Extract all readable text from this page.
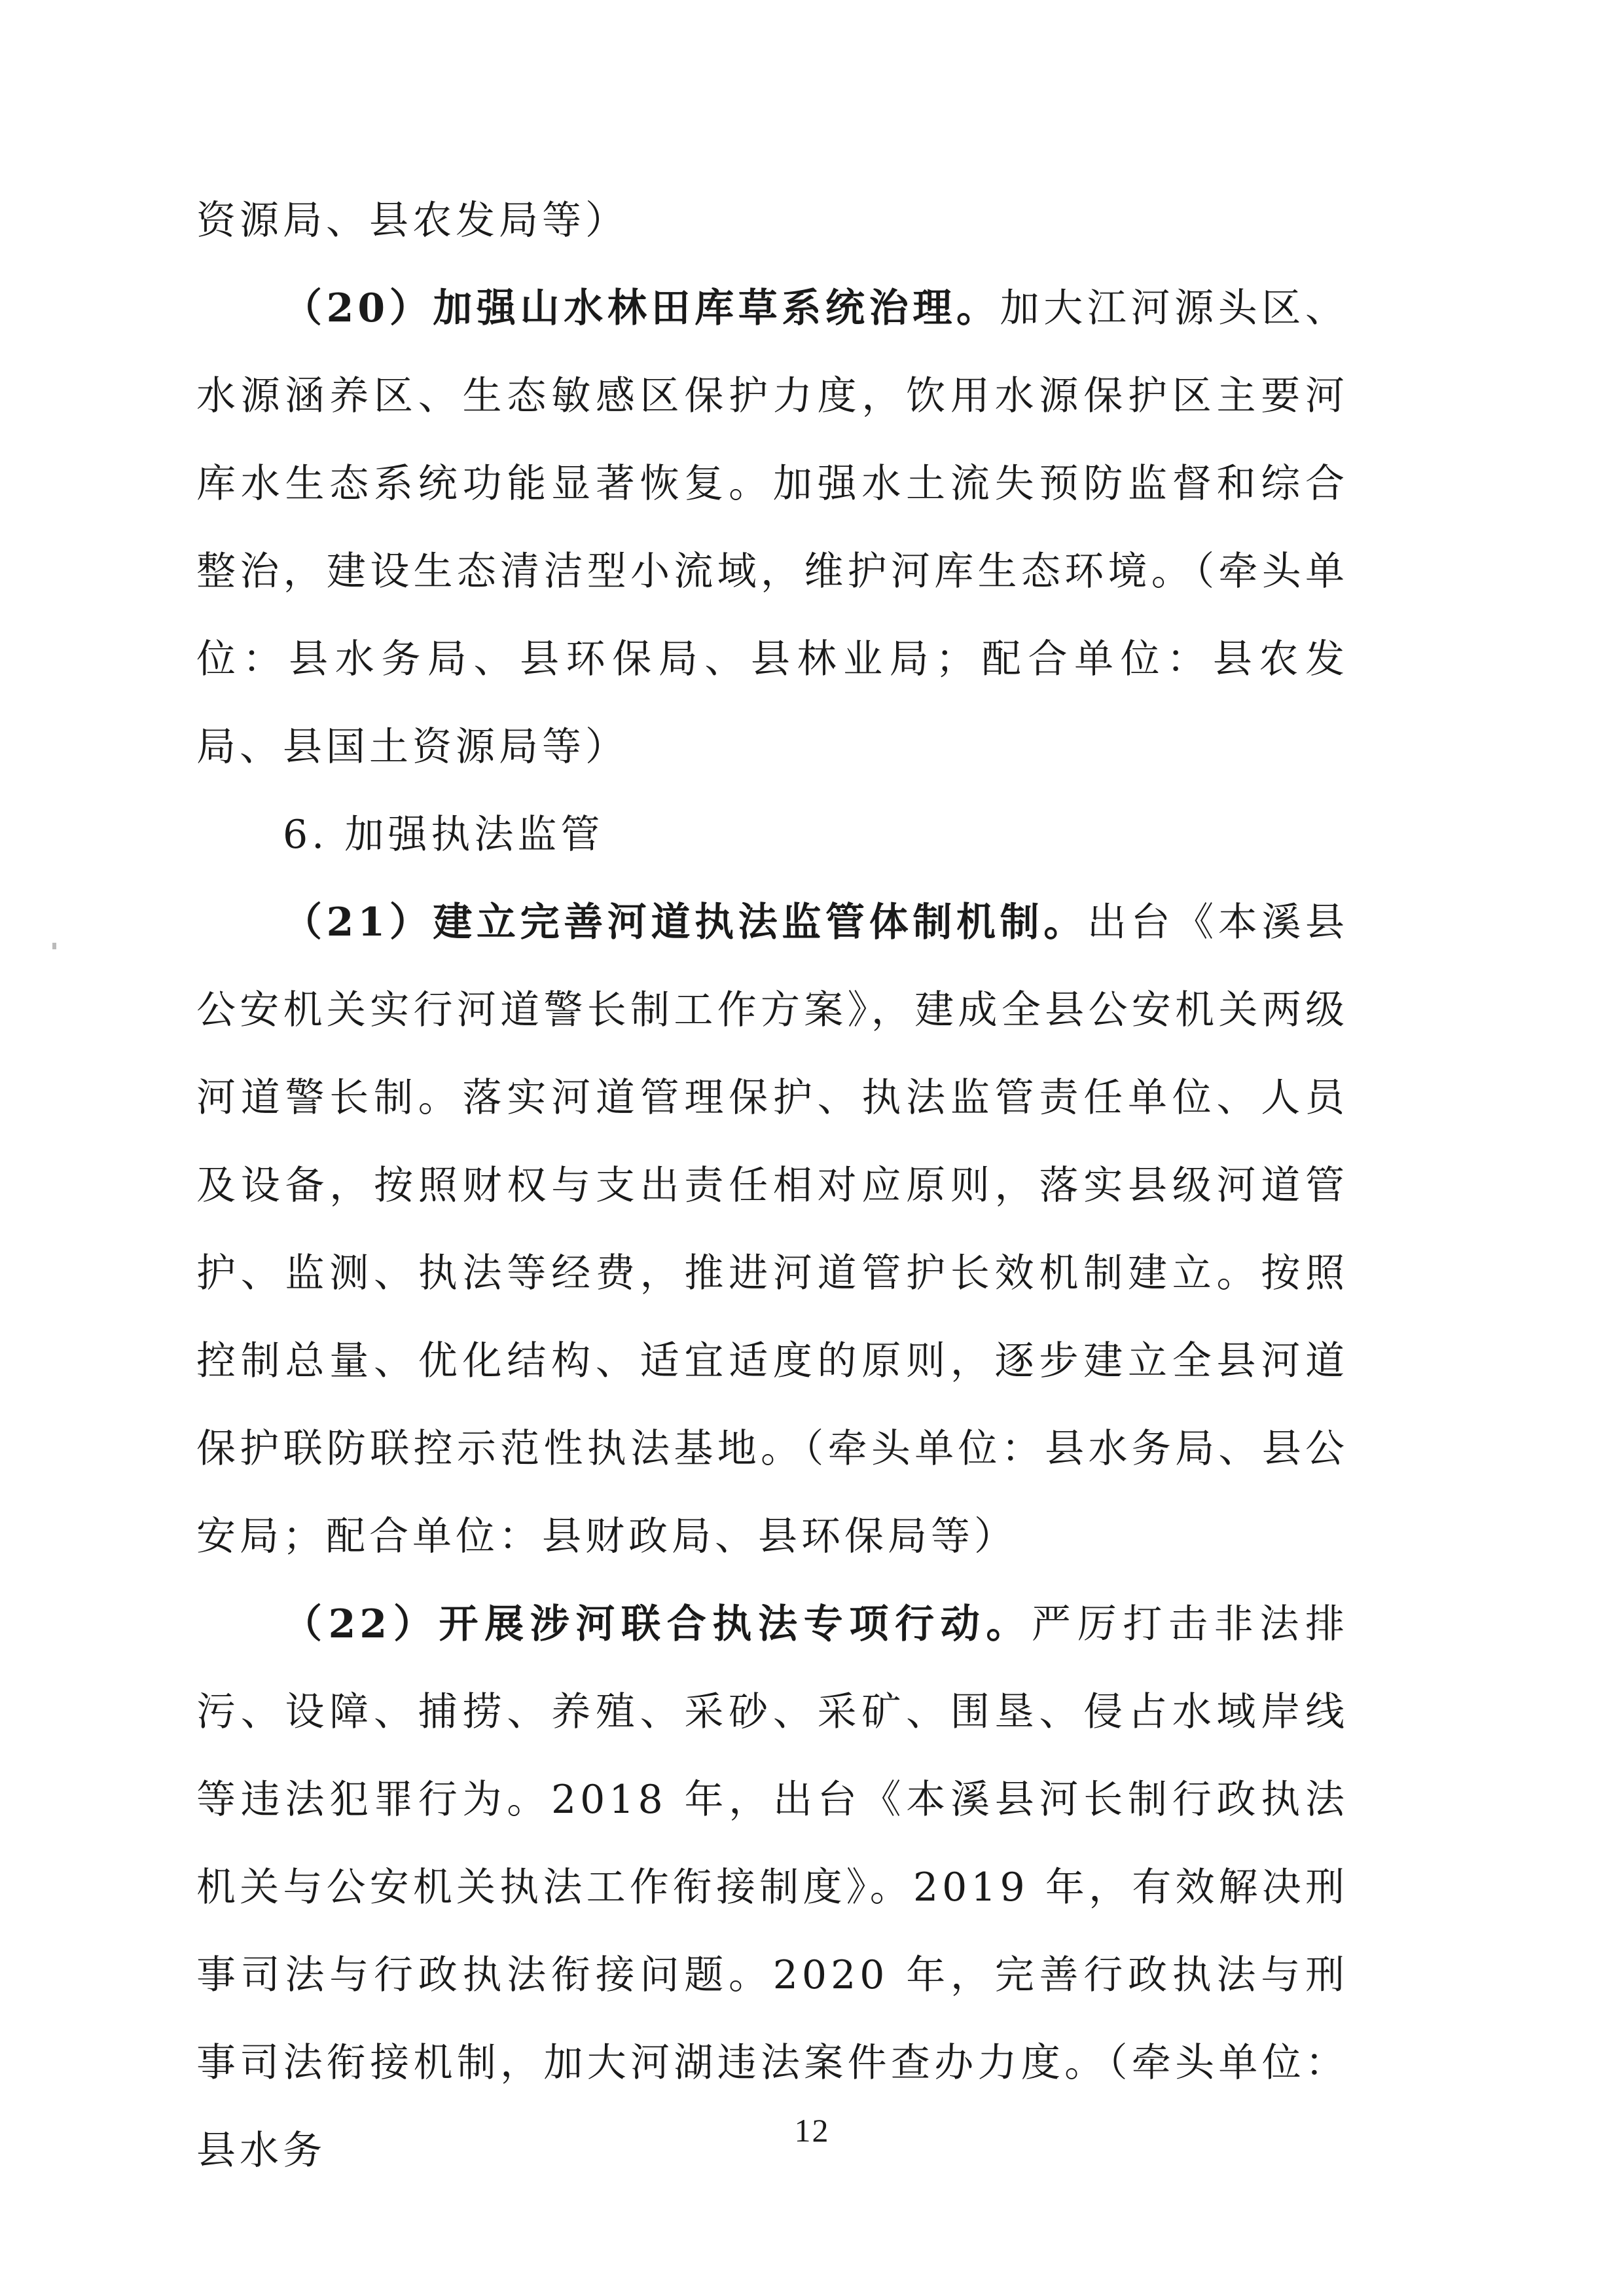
资源局、县农发局等）

（20）加强山水林田库草系统治理。加大江河源头区、水源涵养区、生态敏感区保护力度，饮用水源保护区主要河库水生态系统功能显著恢复。加强水土流失预防监督和综合整治，建设生态清洁型小流域，维护河库生态环境。（牵头单位：县水务局、县环保局、县林业局；配合单位：县农发局、县国土资源局等）

6. 加强执法监管

（21）建立完善河道执法监管体制机制。出台《本溪县公安机关实行河道警长制工作方案》，建成全县公安机关两级河道警长制。落实河道管理保护、执法监管责任单位、人员及设备，按照财权与支出责任相对应原则，落实县级河道管护、监测、执法等经费，推进河道管护长效机制建立。按照控制总量、优化结构、适宜适度的原则，逐步建立全县河道保护联防联控示范性执法基地。（牵头单位：县水务局、县公安局；配合单位：县财政局、县环保局等）

（22）开展涉河联合执法专项行动。严厉打击非法排污、设障、捕捞、养殖、采砂、采矿、围垦、侵占水域岸线等违法犯罪行为。2018 年，出台《本溪县河长制行政执法机关与公安机关执法工作衔接制度》。2019 年，有效解决刑事司法与行政执法衔接问题。2020 年，完善行政执法与刑事司法衔接机制，加大河湖违法案件查办力度。（牵头单位：县水务	12
